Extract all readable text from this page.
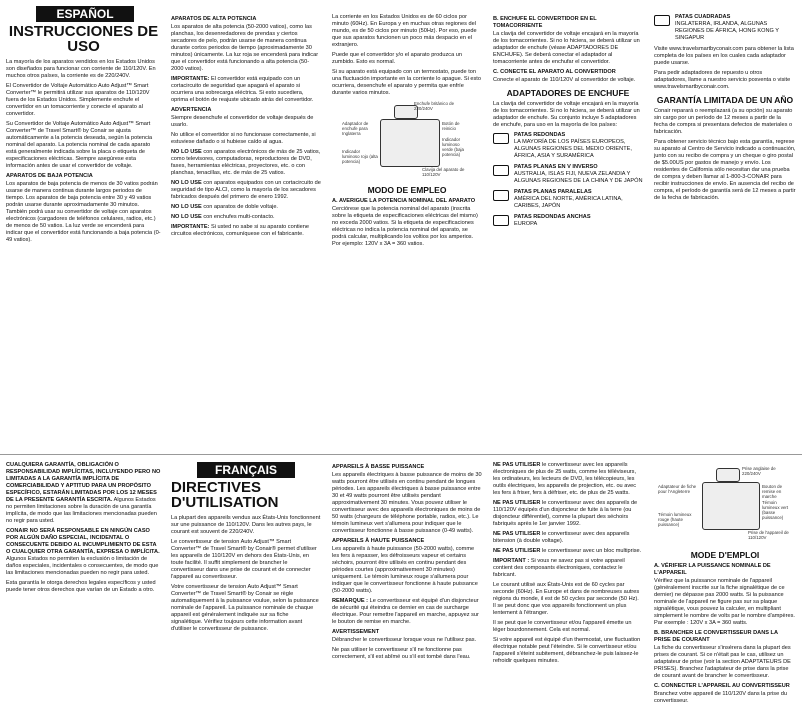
ESPAÑOL
INSTRUCCIONES DE USO

La mayoría de los aparatos vendidos en los Estados Unidos son diseñados para funcionar con corriente de 110/120V. En muchos otros países, la corriente es de 220/240V.

El Convertidor de Voltaje Automático Auto Adjust™ Smart Converter™ le permitirá utilizar sus aparatos de 110/120V fuera de los Estados Unidos. Simplemente enchufe el convertidor en un tomacorriente y conecte el aparato al convertidor.

Su Convertidor de Voltaje Automático Auto Adjust™ Smart Converter™ de Travel Smart® by Conair se ajusta automáticamente a la potencia deseada, según la potencia nominal del aparato. La potencia nominal de cada aparato está generalmente indicada sobre la placa o etiqueta de especificaciones eléctricas. Siempre asegúrese esta información antes de usar el convertidor de voltaje.

APARATOS DE BAJA POTENCIA

Los aparatos de baja potencia de menos de 30 vatios podrán usarse de manera continua durante largos periodos de tiempo. Los aparatos de baja potencia entre 30 y 49 vatios podrán usarse durante aproximadamente 30 minutos. También podrá usar su convertidor de voltaje con aparatos electrónicos (cargadores de teléfonos celulares, radios, etc.) de menos de 50 vatios. La luz verde se encenderá para indicar que el convertidor está funcionando a baja potencia (0-49 vatios).

APARATOS DE ALTA POTENCIA

Los aparatos de alta potencia (50-2000 vatios), como las planchas, los desenredadores de prendas y ciertos secadores de pelo, podrán usarse de manera continua durante cortos periodos de tiempo (aproximadamente 30 minutos) únicamente. La luz roja se encenderá para indicar que el convertidor está funcionando a alta potencia (50-2000 vatios).

IMPORTANTE: El convertidor está equipado con un cortacircuito de seguridad que apagará el aparato si ocurriera una sobrecarga eléctrica. Si esto sucediera, oprima el botón de reajuste ubicado atrás del convertidor.

ADVERTENCIA

Siempre desenchufe el convertidor de voltaje después de usarlo.

No utilice el convertidor si no funcionase correctamente, si estuviese dañado o si hubiese caído al agua.

NO LO USE con aparatos electrónicos de más de 25 vatios, como televisores, computadoras, reproductores de DVD, faxes, herramientas eléctricas, proyectores, etc. o con planchas, tenacillas, etc. de más de 25 vatios.

NO LO USE con aparatos equipados con un cortacircuito de seguridad de tipo ALCI, como la mayoría de los secadores fabricados después del primero de enero 1992.

NO LO USE con aparatos de doble voltaje.

NO LO USE con enchufes multi-contacto.

IMPORTANTE: Si usted no sabe si su aparato contiene circuitos electrónicos, comuníquese con el fabricante.

La corriente en los Estados Unidos es de 60 ciclos por minuto (60Hz). En Europa y en muchas otras regiones del mundo, es de 50 ciclos por minuto (50Hz). Por eso, puede que sus aparatos funcionen un poco más despacio en el extranjero.

Puede que el convertidor y/o el aparato produzca un zumbido. Esto es normal.

Si su aparato está equipado con un termostato, puede ton una fluctuación importante en la corriente lo apague. Si esto ocurriera, desenchufe el aparato y permita que enfríe durante varios minutos.

Enchufe británico de 220/240V
Adaptador de enchufe para Inglaterra
Botón de reinicio
Indicador luminoso verde (baja potencia)
Indicador luminoso rojo (alta potencia)
Clavija del aparato de 110/120V
MODO DE EMPLEO
A. AVERIGUE LA POTENCIA NOMINAL DEL APARATO

Cerciórese que la potencia nominal del aparato (inscrita sobre la etiqueta de especificaciones eléctricas del mismo) no exceda 2000 vatios. Si la etiqueta de especificaciones eléctricas no indica la potencia nominal del aparato, se podrá calcular, multiplicando los voltios por los amperios. Por ejemplo: 120V x 3A = 360 vatios.

B. ENCHUFE EL CONVERTIDOR EN EL TOMACORRIENTE

La clavija del convertidor de voltaje encajará en la mayoría de los tomacorrientes. Si no lo hiciera, se deberá utilizar un adaptador de enchufe (véase ADAPTADORES DE ENCHUFE). Se deberá conectar el adaptador al tomacorriente antes de enchufar el convertidor.

C. CONECTE EL APARATO AL CONVERTIDOR

Conecte el aparato de 110/120V al convertidor de voltaje.

ADAPTADORES DE ENCHUFE

La clavija del convertidor de voltaje encajará en la mayoría de los tomacorrientes. Si no lo hiciera, se deberá utilizar un adaptador de enchufe. Su conjunto incluye 5 adaptadores de enchufe, para uso en la mayoría de los países:

PATAS REDONDAS
LA MAYORÍA DE LOS PAÍSES EUROPEOS, ALGUNAS REGIONES DEL MEDIO ORIENTE, ÁFRICA, ASIA Y SURAMÉRICA
PATAS PLANAS EN V INVERSO
AUSTRALIA, ISLAS FIJI, NUEVA ZELANDIA Y ALGUNAS REGIONES DE LA CHINA Y DE JAPÓN
PATAS PLANAS PARALELAS
AMÉRICA DEL NORTE, AMÉRICA LATINA, CARIBES, JAPÓN
PATAS REDONDAS ANCHAS
EUROPA
PATAS CUADRADAS
INGLATERRA, IRLANDA, ALGUNAS REGIONES DE ÁFRICA, HONG KONG Y SINGAPUR

Visite www.travelsmartbyconair.com para obtener la lista completa de los países en los cuales cada adaptador puede usarse.

Para pedir adaptadores de repuesto u otros adaptadores, llame a nuestro servicio posventa o visite www.travelsmartbyconair.com.

GARANTÍA LIMITADA DE UN AÑO

Conair reparará o reemplazará (a su opción) su aparato sin cargo por un período de 12 meses a partir de la fecha de compra si presentara defectos de materiales o fabricación.

Para obtener servicio técnico bajo esta garantía, regrese su aparato al Centro de Servicio indicado a continuación, junto con su recibo de compra y un cheque o giro postal de $5.00US por gastos de manejo y envío. Los residentes de California sólo necesitan dar una prueba de compra y deben llamar al 1-800-3-CONAIR para recibir instrucciones de envío. En ausencia del recibo de compra, el período de garantía será de 12 meses a partir de la fecha de fabricación.

CUALQUIERA GARANTÍA, OBLIGACIÓN O RESPONSABILIDAD IMPLÍCITAS, INCLUYENDO PERO NO LIMITADAS A LA GARANTÍA IMPLÍCITA DE COMERCIABILIDAD Y APTITUD PARA UN PROPÓSITO ESPECÍFICO, ESTARÁN LIMITADAS POR LOS 12 MESES DE LA PRESENTE GARANTÍA ESCRITA. Algunos Estados no permiten limitaciones sobre la duración de una garantía implícita, de modo que las limitaciones mencionadas pueden no regir para usted.

CONAIR NO SERÁ RESPONSABLE EN NINGÚN CASO POR ALGÚN DAÑO ESPECIAL, INCIDENTAL O CONSECUENTE DEBIDO AL INCUMPLIMIENTO DE ESTA O CUALQUIER OTRA GARANTÍA, EXPRESA O IMPLÍCITA. Algunos Estados no permiten la exclusión o limitación de daños especiales, incidentales o consecuentes, de modo que las limitaciones mencionadas pueden no regir para usted.

Esta garantía le otorga derechos legales específicos y usted puede tener otros derechos que varían de un Estado a otro.

FRANÇAIS
DIRECTIVES D'UTILISATION

La plupart des appareils vendus aux États-Unis fonctionnent sur une puissance de 110/120V. Dans les autres pays, le courant est souvent de 220/240V.

Le convertisseur de tension Auto Adjust™ Smart Converter™ de Travel Smart® by Conair® permet d'utiliser les appareils de 110/120V en dehors des États-Unis, en toute facilité. Il suffit simplement de brancher le convertisseur dans une prise de courant et de connecter l'appareil au convertisseur.

Votre convertisseur de tension Auto Adjust™ Smart Converter™ de Travel Smart® by Conair se règle automatiquement à la puissance voulue, selon la puissance nominale de l'appareil. La puissance nominale de chaque appareil est généralement indiquée sur sa fiche signalétique. Vérifiez toujours cette information avant d'utiliser le convertisseur de puissance.

APPAREILS À BASSE PUISSANCE

Les appareils électriques à basse puissance de moins de 30 watts pourront être utilisés en continu pendant de longues périodes. Les appareils électriques à basse puissance entre 30 et 49 watts pourront être utilisés pendant approximativement 30 minutes. Vous pouvez utiliser le convertisseur avec des appareils électroniques de moins de 50 watts (chargeurs de téléphone portable, radios, etc.). Le témoin lumineux vert s'allumera pour indiquer que le convertisseur fonctionne à basse puissance (0-49 watts).

APPAREILS À HAUTE PUISSANCE

Les appareils à haute puissance (50-2000 watts), comme les fers à repasser, les défroisseurs vapeur et certains séchoirs, pourront être utilisés en continu pendant des périodes courtes (approximativement 30 minutes) uniquement. Le témoin lumineux rouge s'allumera pour indiquer que le convertisseur fonctionne à haute puissance (50-2000 watts).

REMARQUE : Le convertisseur est équipé d'un disjoncteur de sécurité qui éteindra ce dernier en cas de surcharge électrique. Pour remettre l'appareil en marche, appuyez sur le bouton de remise en marche.

AVERTISSEMENT

Débrancher le convertisseur lorsque vous ne l'utilisez pas.

Ne pas utiliser le convertisseur s'il ne fonctionne pas correctement, s'il est abîmé ou s'il est tombé dans l'eau.

NE PAS UTILISER le convertisseur avec les appareils électroniques de plus de 25 watts, comme les téléviseurs, les ordinateurs, les lecteurs de DVD, les télécopieurs, les outils électriques, les appareils de projection, etc. ou avec les fers à friser, fers à défriser, etc. de plus de 25 watts.

NE PAS UTILISER le convertisseur avec des appareils de 110/120V équipés d'un disjoncteur de fuite à la terre (ou disjoncteur différentiel), comme la plupart des séchoirs fabriqués après le 1er janvier 1992.

NE PAS UTILISER le convertisseur avec des appareils bitension (à double voltage).

NE PAS UTILISER le convertisseur avec un bloc multiprise.

IMPORTANT : Si vous ne savez pas si votre appareil contient des composants électroniques, contactez le fabricant.

Le courant utilisé aux États-Unis est de 60 cycles par seconde (60Hz). En Europe et dans de nombreuses autres régions du monde, il est de 50 cycles par seconde (50 Hz). Il se peut donc que vos appareils fonctionnent un plus lentement à l'étranger.

Il se peut que le convertisseur et/ou l'appareil émette un léger bourdonnement. Cela est normal.

Si votre appareil est équipé d'un thermostat, une fluctuation électrique notable peut l'éteindre. Si le convertisseur et/ou l'appareil s'éteint subitement, débranchez-le puis laissez-le refroidir quelques minutes.

Prise anglaise de 220/240V
Adaptateur de fiche pour l'Angleterre
Bouton de remise en marche
Témoin lumineux vert (basse puissance)
Témoin lumineux rouge (haute puissance)
Prise de l'appareil de 110/120V
MODE D'EMPLOI
A. VÉRIFIER LA PUISSANCE NOMINALE DE L'APPAREIL

Vérifiez que la puissance nominale de l'appareil (généralement inscrite sur la fiche signalétique de ce dernier) ne dépasse pas 2000 watts. Si la puissance nominale de l'appareil ne figure pas sur sa plaque signalétique, vous pouvez la calculer, en multipliant simplement le nombre de volts par le nombre d'ampères. Par exemple : 120V x 3A = 360 watts.

B. BRANCHER LE CONVERTISSEUR DANS LA PRISE DE COURANT

La fiche du convertisseur s'insérera dans la plupart des prises de courant. Si ce n'était pas le cas, utilisez un adaptateur de prise (voir la section ADAPTATEURS DE PRISES). Branchez l'adaptateur de prise dans la prise de courant avant de brancher le convertisseur.

C. CONNECTER L'APPAREIL AU CONVERTISSEUR

Branchez votre appareil de 110/120V dans la prise du convertisseur.
